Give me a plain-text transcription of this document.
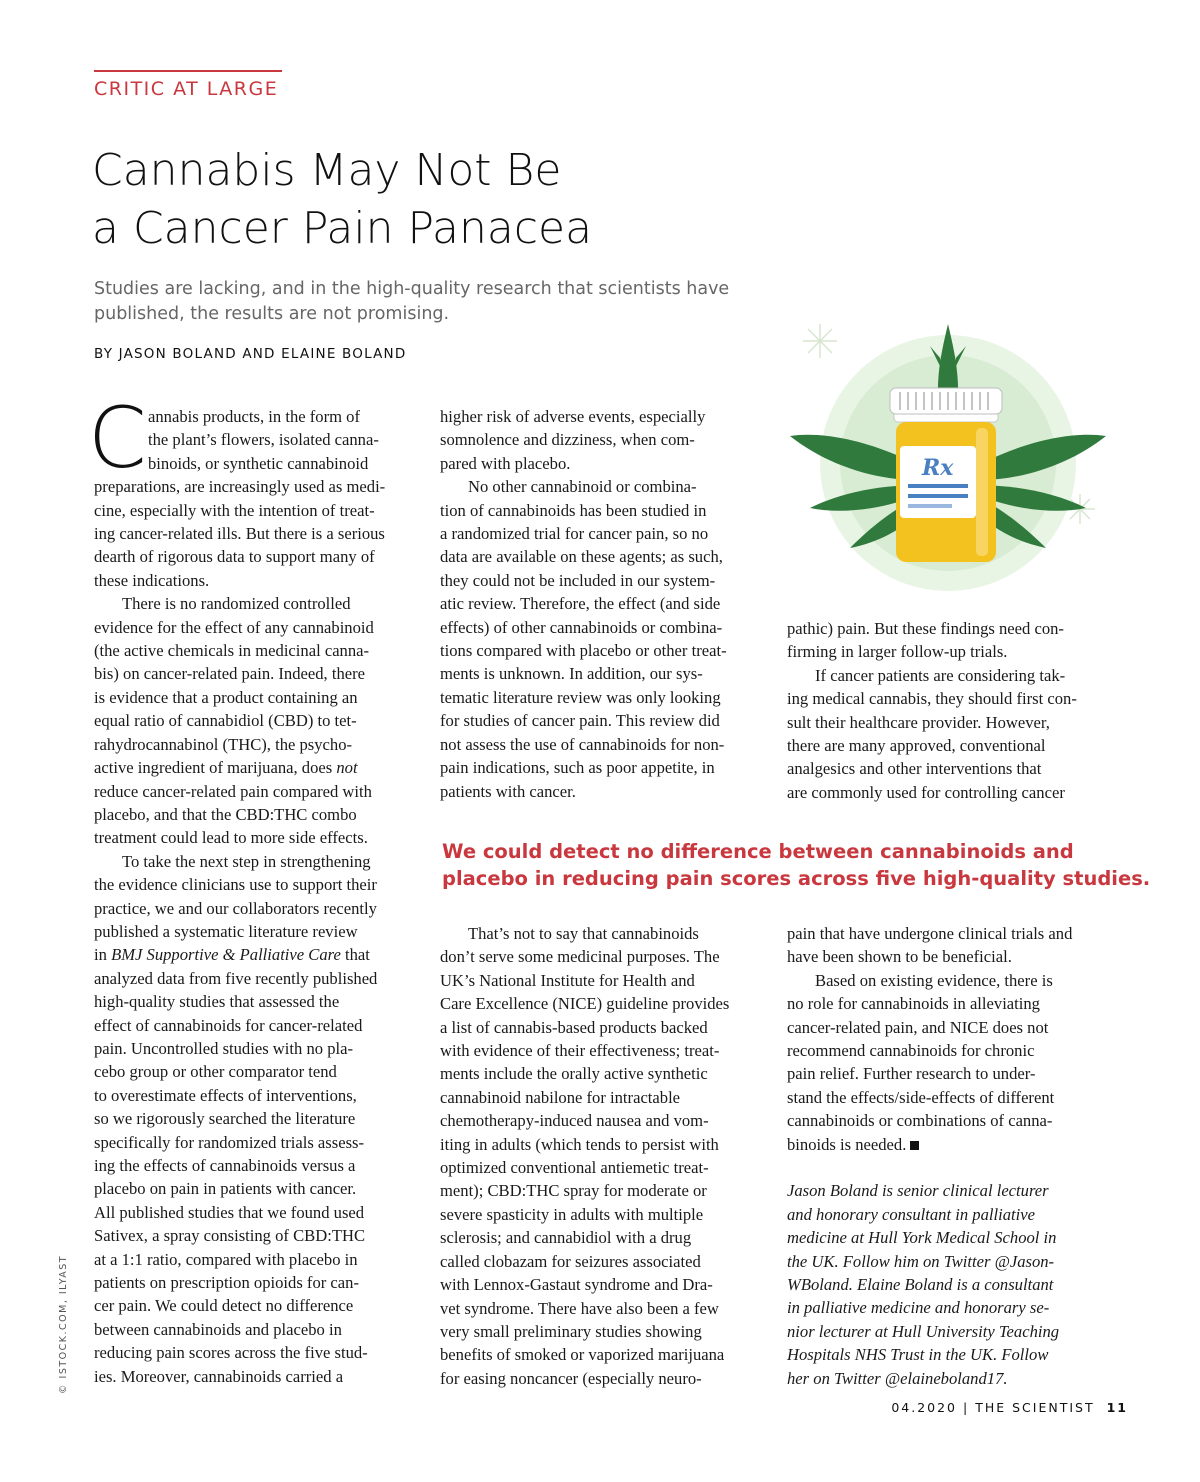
CRITIC AT LARGE
Cannabis May Not Be
a Cancer Pain Panacea
Studies are lacking, and in the high-quality research that scientists have
published, the results are not promising.
BY JASON BOLAND AND ELAINE BOLAND
Rx
C annabis products, in the form of
the plant’s flowers, isolated canna-
binoids, or synthetic cannabinoid
preparations, are increasingly used as medi-
cine, especially with the intention of treat-
ing cancer-related ills. But there is a serious
dearth of rigorous data to support many of
these indications.
There is no randomized controlled
evidence for the effect of any cannabinoid
(the active chemicals in medicinal canna-
bis) on cancer-related pain. Indeed, there
is evidence that a product containing an
equal ratio of cannabidiol (CBD) to tet-
rahydrocannabinol (THC), the psycho-
active ingredient of marijuana, does not
reduce cancer-related pain compared with
placebo, and that the CBD:THC combo
treatment could lead to more side effects.
To take the next step in strengthening
the evidence clinicians use to support their
practice, we and our collaborators recently
published a systematic literature review
in BMJ Supportive & Palliative Care that
analyzed data from five recently published
high-quality studies that assessed the
effect of cannabinoids for cancer-related
pain. Uncontrolled studies with no pla-
cebo group or other comparator tend
to overestimate effects of interventions,
so we rigorously searched the literature
specifically for randomized trials assess-
ing the effects of cannabinoids versus a
placebo on pain in patients with cancer.
All published studies that we found used
Sativex, a spray consisting of CBD:THC
at a 1:1 ratio, compared with placebo in
patients on prescription opioids for can-
cer pain. We could detect no difference
between cannabinoids and placebo in
reducing pain scores across the five stud-
ies. Moreover, cannabinoids carried a
higher risk of adverse events, especially
somnolence and dizziness, when com-
pared with placebo.
No other cannabinoid or combina-
tion of cannabinoids has been studied in
a randomized trial for cancer pain, so no
data are available on these agents; as such,
they could not be included in our system-
atic review. Therefore, the effect (and side
effects) of other cannabinoids or combina-
tions compared with placebo or other treat-
ments is unknown. In addition, our sys-
tematic literature review was only looking
for studies of cancer pain. This review did
not assess the use of cannabinoids for non-
pain indications, such as poor appetite, in
patients with cancer.
pathic) pain. But these findings need con-
firming in larger follow-up trials.
If cancer patients are considering tak-
ing medical cannabis, they should first con-
sult their healthcare provider. However,
there are many approved, conventional
analgesics and other interventions that
are commonly used for controlling cancer
We could detect no difference between cannabinoids and
placebo in reducing pain scores across five high-quality studies.
That’s not to say that cannabinoids
don’t serve some medicinal purposes. The
UK’s National Institute for Health and
Care Excellence (NICE) guideline provides
a list of cannabis-based products backed
with evidence of their effectiveness; treat-
ments include the orally active synthetic
cannabinoid nabilone for intractable
chemotherapy-induced nausea and vom-
iting in adults (which tends to persist with
optimized conventional antiemetic treat-
ment); CBD:THC spray for moderate or
severe spasticity in adults with multiple
sclerosis; and cannabidiol with a drug
called clobazam for seizures associated
with Lennox-Gastaut syndrome and Dra-
vet syndrome. There have also been a few
very small preliminary studies showing
benefits of smoked or vaporized marijuana
for easing noncancer (especially neuro-
pain that have undergone clinical trials and
have been shown to be beneficial.
Based on existing evidence, there is
no role for cannabinoids in alleviating
cancer-related pain, and NICE does not
recommend cannabinoids for chronic
pain relief. Further research to under-
stand the effects/side-effects of different
cannabinoids or combinations of canna-
binoids is needed.
Jason Boland is senior clinical lecturer
and honorary consultant in palliative
medicine at Hull York Medical School in
the UK. Follow him on Twitter @Jason-
WBoland. Elaine Boland is a consultant
in palliative medicine and honorary se-
nior lecturer at Hull University Teaching
Hospitals NHS Trust in the UK. Follow
her on Twitter @elaineboland17.
© ISTOCK.COM, ILYAST
04.2020 | THE SCIENTIST 11
